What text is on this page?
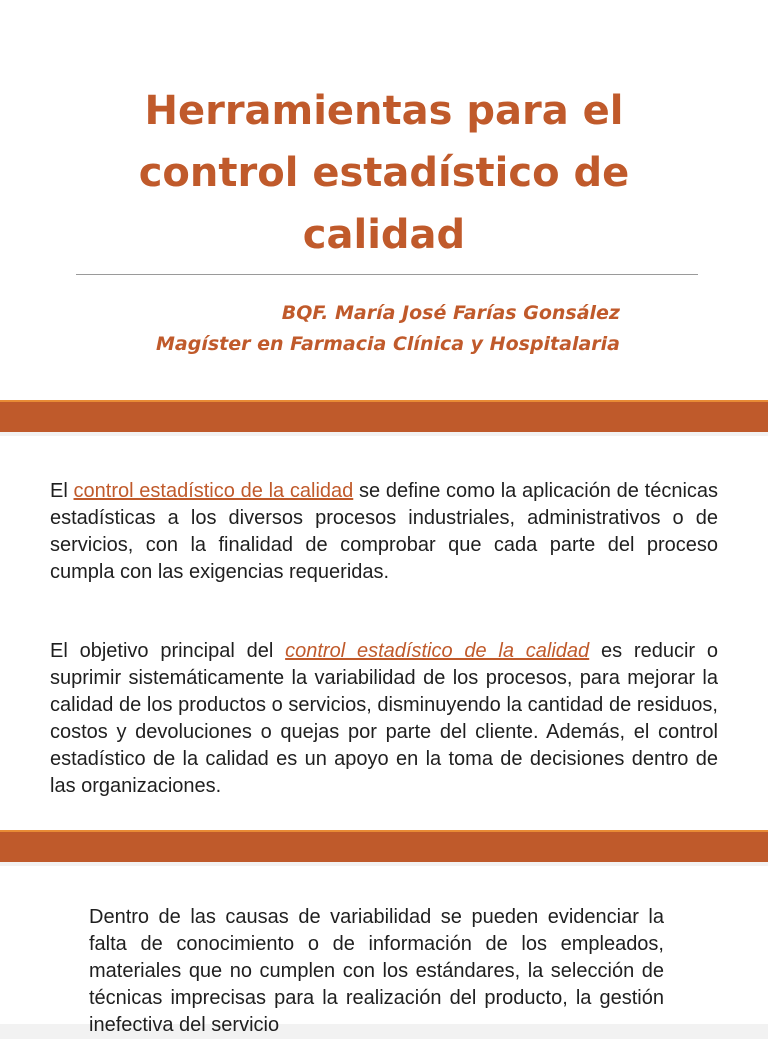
Herramientas para el
control estadístico de
calidad
BQF. María José Farías Gonsález
Magíster en Farmacia Clínica y Hospitalaria

El control estadístico de la calidad se define como la aplicación de técnicas estadísticas a los diversos procesos industriales, administrativos o de servicios, con la finalidad de comprobar que cada parte del proceso cumpla con las exigencias requeridas.

El objetivo principal del control estadístico de la calidad es reducir o suprimir sistemáticamente la variabilidad de los procesos, para mejorar la calidad de los productos o servicios, disminuyendo la cantidad de residuos, costos y devoluciones o quejas por parte del cliente. Además, el control estadístico de la calidad es un apoyo en la toma de decisiones dentro de las organizaciones.

Dentro de las causas de variabilidad se pueden evidenciar la falta de conocimiento o de información de los empleados, materiales que no cumplen con los estándares, la selección de técnicas imprecisas para la realización del producto, la gestión inefectiva del servicio
